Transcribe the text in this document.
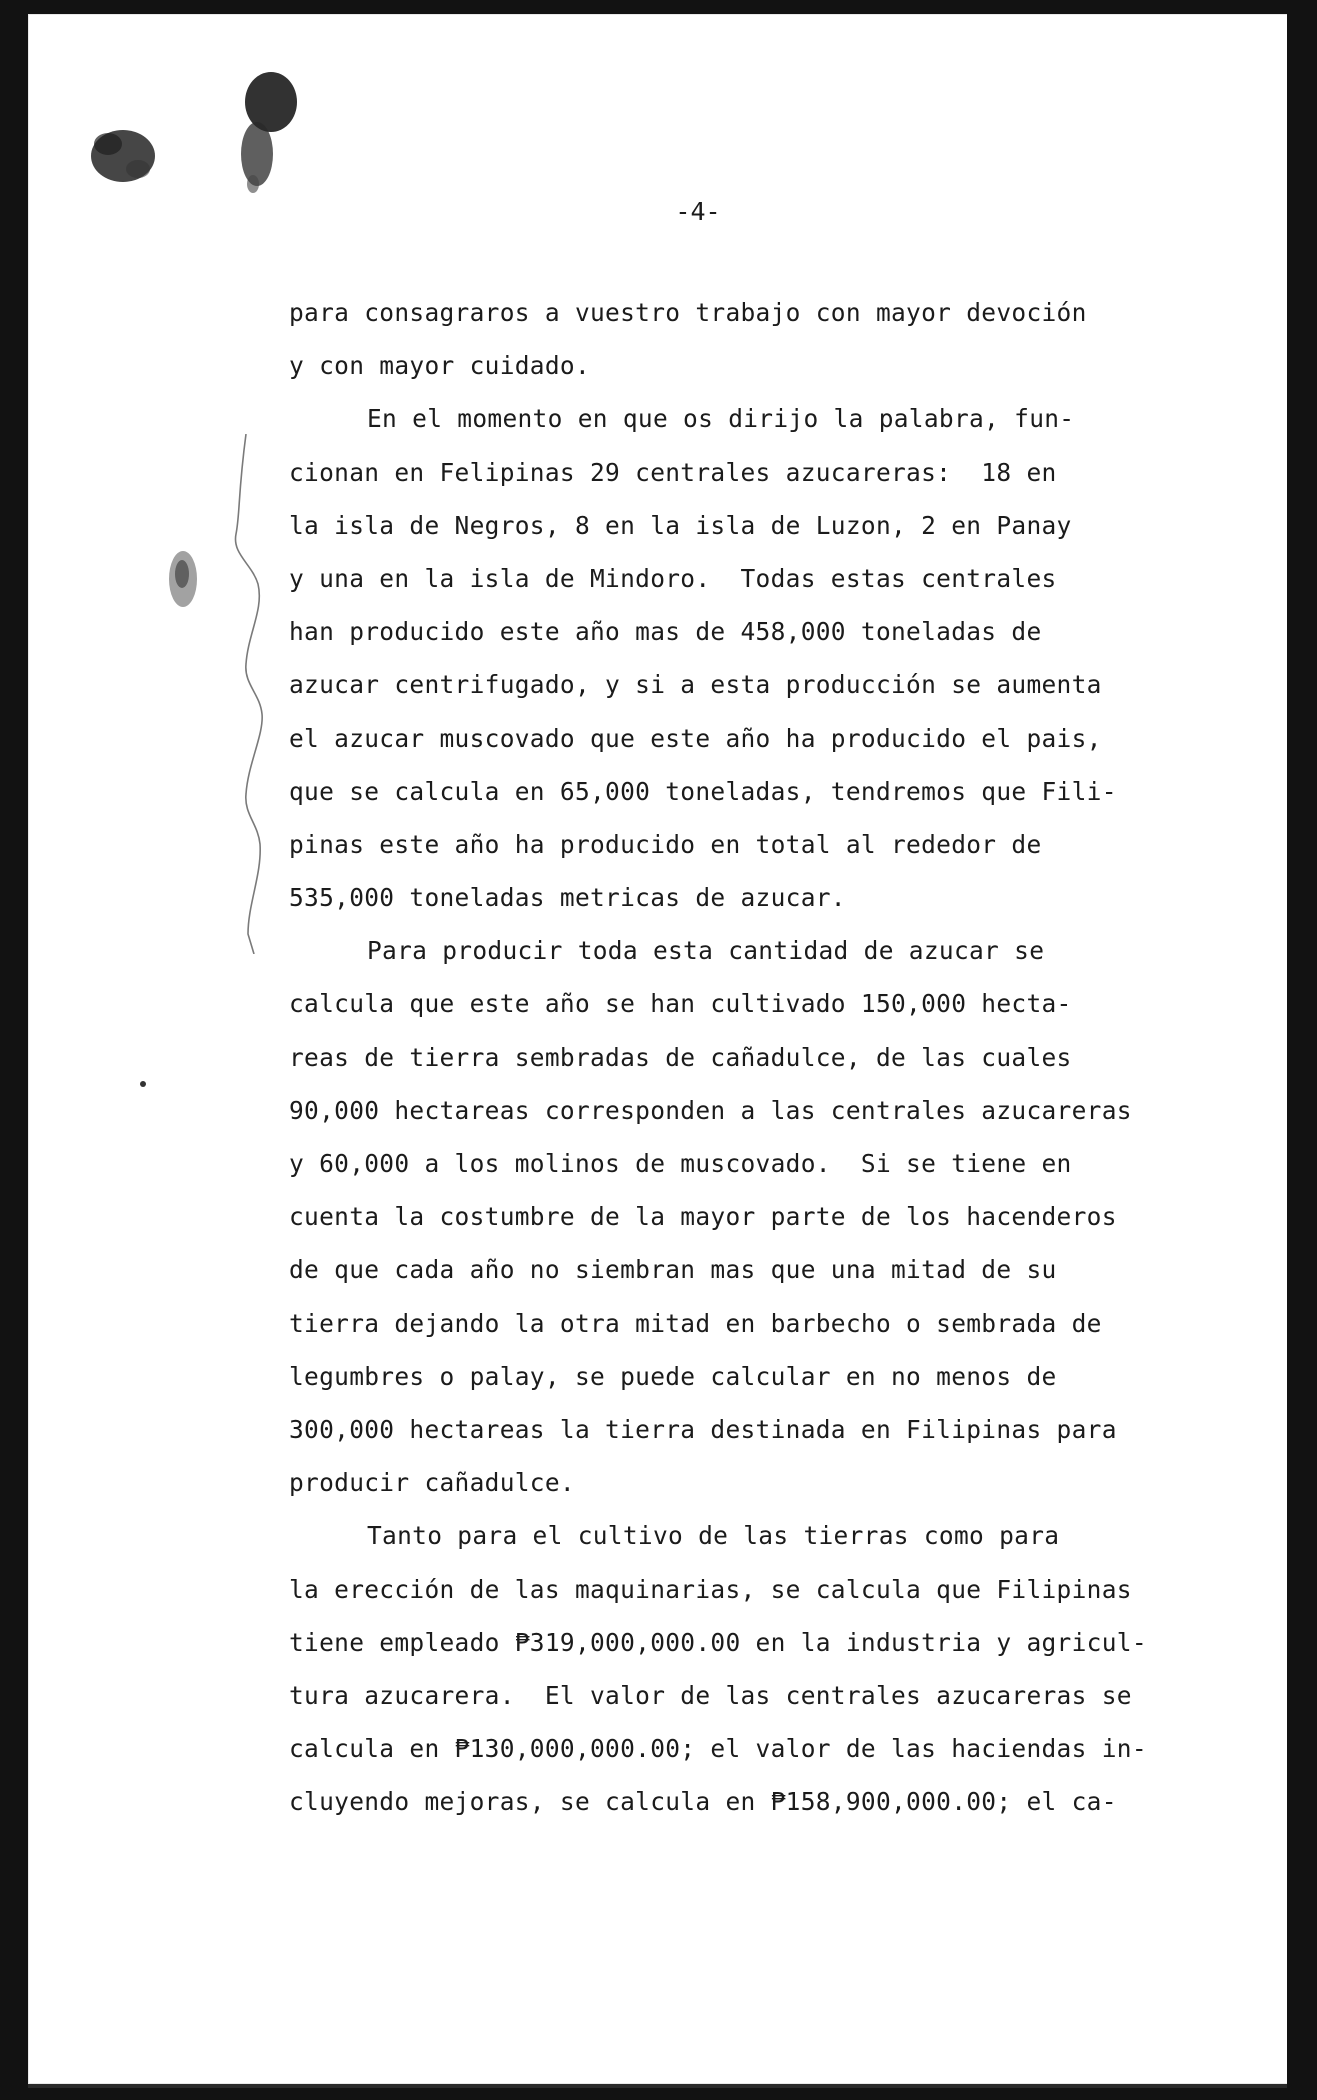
-4-

para consagraros a vuestro trabajo con mayor devoción
y con mayor cuidado.
En el momento en que os dirijo la palabra, fun-
cionan en Felipinas 29 centrales azucareras:  18 en
la isla de Negros, 8 en la isla de Luzon, 2 en Panay
y una en la isla de Mindoro.  Todas estas centrales
han producido este año mas de 458,000 toneladas de
azucar centrifugado, y si a esta producción se aumenta
el azucar muscovado que este año ha producido el pais,
que se calcula en 65,000 toneladas, tendremos que Fili-
pinas este año ha producido en total al rededor de
535,000 toneladas metricas de azucar.
Para producir toda esta cantidad de azucar se
calcula que este año se han cultivado 150,000 hecta-
reas de tierra sembradas de cañadulce, de las cuales
90,000 hectareas corresponden a las centrales azucareras
y 60,000 a los molinos de muscovado.  Si se tiene en
cuenta la costumbre de la mayor parte de los hacenderos
de que cada año no siembran mas que una mitad de su
tierra dejando la otra mitad en barbecho o sembrada de
legumbres o palay, se puede calcular en no menos de
300,000 hectareas la tierra destinada en Filipinas para
producir cañadulce.
Tanto para el cultivo de las tierras como para
la erección de las maquinarias, se calcula que Filipinas
tiene empleado ₱319,000,000.00 en la industria y agricul-
tura azucarera.  El valor de las centrales azucareras se
calcula en ₱130,000,000.00; el valor de las haciendas in-
cluyendo mejoras, se calcula en ₱158,900,000.00; el ca-
